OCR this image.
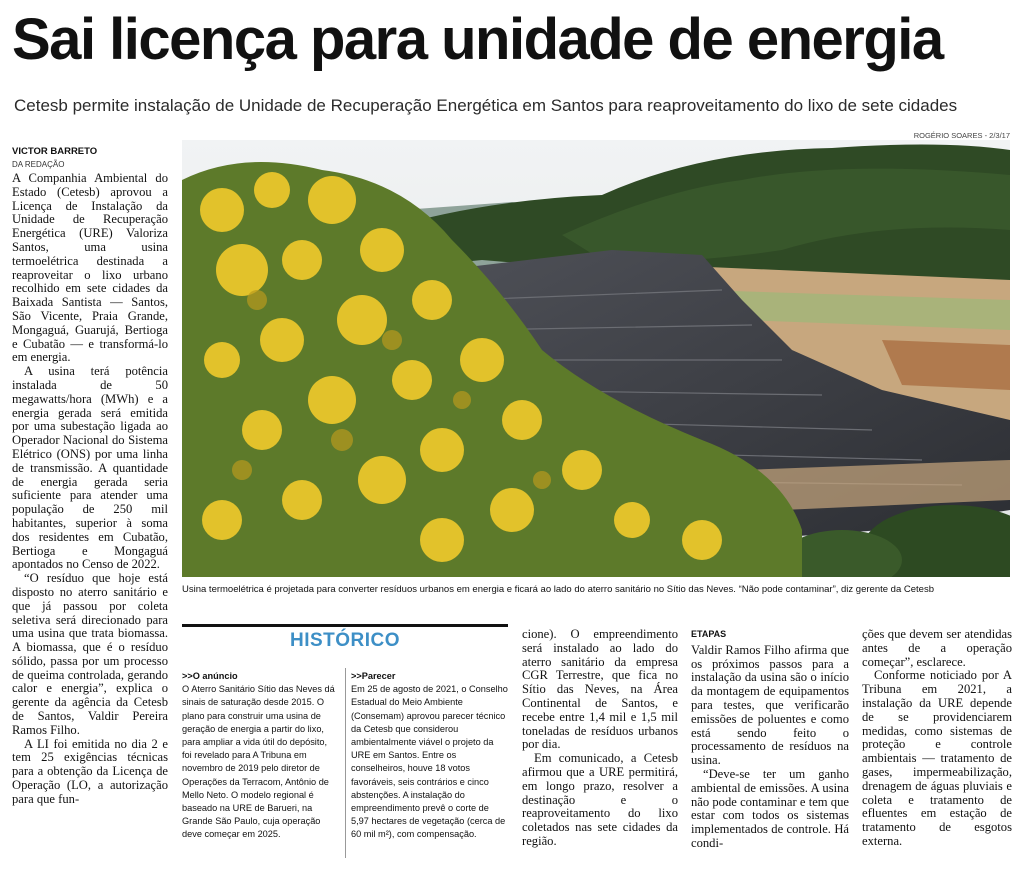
Sai licença para unidade de energia

Cetesb permite instalação de Unidade de Recuperação Energética em Santos para reaproveitamento do lixo de sete cidades

VICTOR BARRETO
DA REDAÇÃO
ROGÉRIO SOARES - 2/3/17

A Companhia Ambiental do Estado (Cetesb) aprovou a Licença de Instalação da Unidade de Recuperação Energética (URE) Valoriza Santos, uma usina termoelétrica destinada a reaproveitar o lixo urbano recolhido em sete cidades da Baixada Santista — Santos, São Vicente, Praia Grande, Mongaguá, Guarujá, Bertioga e Cubatão — e transformá-lo em energia.

A usina terá potência instalada de 50 megawatts/hora (MWh) e a energia gerada será emitida por uma subestação ligada ao Operador Nacional do Sistema Elétrico (ONS) por uma linha de transmissão. A quantidade de energia gerada seria suficiente para atender uma população de 250 mil habitantes, superior à soma dos residentes em Cubatão, Bertioga e Mongaguá apontados no Censo de 2022.

“O resíduo que hoje está disposto no aterro sanitário e que já passou por coleta seletiva será direcionado para uma usina que trata biomassa. A biomassa, que é o resíduo sólido, passa por um processo de queima controlada, gerando calor e energia”, explica o gerente da agência da Cetesb de Santos, Valdir Pereira Ramos Filho.

A LI foi emitida no dia 2 e tem 25 exigências técnicas para a obtenção da Licença de Operação (LO, a autorização para que fun-

Usina termoelétrica é projetada para converter resíduos urbanos em energia e ficará ao lado do aterro sanitário no Sítio das Neves. “Não pode contaminar”, diz gerente da Cetesb
HISTÓRICO
>>O anúncio
O Aterro Sanitário Sítio das Neves dá sinais de saturação desde 2015. O plano para construir uma usina de geração de energia a partir do lixo, para ampliar a vida útil do depósito, foi revelado para A Tribuna em novembro de 2019 pelo diretor de Operações da Terracom, Antônio de Mello Neto. O modelo regional é baseado na URE de Barueri, na Grande São Paulo, cuja operação deve começar em 2025.
>>Parecer
Em 25 de agosto de 2021, o Conselho Estadual do Meio Ambiente (Consemam) aprovou parecer técnico da Cetesb que considerou ambientalmente viável o projeto da URE em Santos. Entre os conselheiros, houve 18 votos favoráveis, seis contrários e cinco abstenções. A instalação do empreendimento prevê o corte de 5,97 hectares de vegetação (cerca de 60 mil m²), com compensação.

cione). O empreendimento será instalado ao lado do aterro sanitário da empresa CGR Terrestre, que fica no Sítio das Neves, na Área Continental de Santos, e recebe entre 1,4 mil e 1,5 mil toneladas de resíduos urbanos por dia.

Em comunicado, a Cetesb afirmou que a URE permitirá, em longo prazo, resolver a destinação e o reaproveitamento do lixo coletados nas sete cidades da região.

ETAPAS

Valdir Ramos Filho afirma que os próximos passos para a instalação da usina são o início da montagem de equipamentos para testes, que verificarão emissões de poluentes e como está sendo feito o processamento de resíduos na usina.

“Deve-se ter um ganho ambiental de emissões. A usina não pode contaminar e tem que estar com todos os sistemas implementados de controle. Há condi-

ções que devem ser atendidas antes de a operação começar”, esclarece.

Conforme noticiado por A Tribuna em 2021, a instalação da URE depende de se providenciarem medidas, como sistemas de proteção e controle ambientais — tratamento de gases, impermeabilização, drenagem de águas pluviais e coleta e tratamento de efluentes em estação de tratamento de esgotos externa.
